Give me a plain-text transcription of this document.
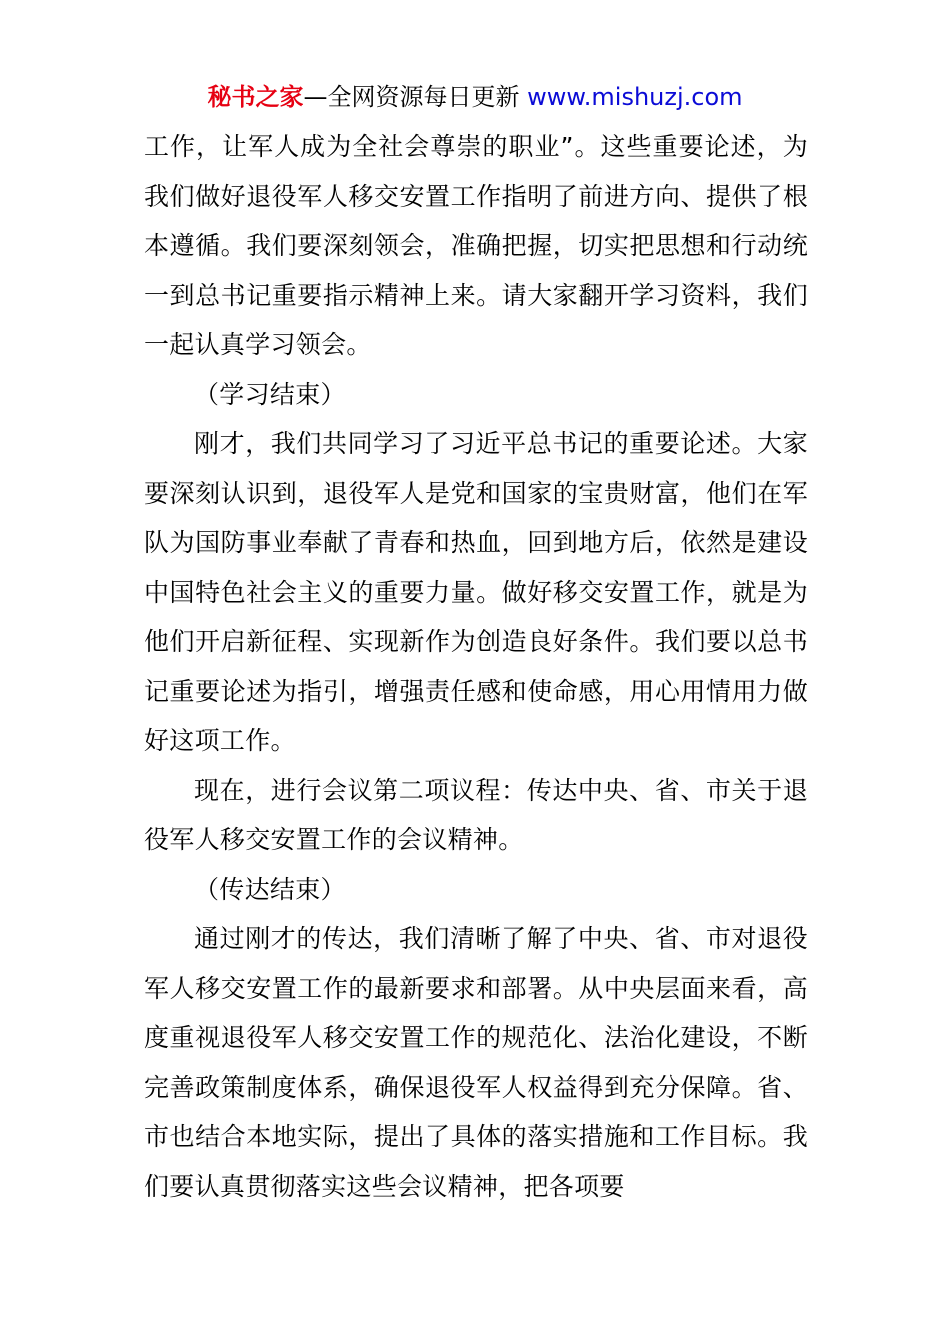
秘书之家—全网资源每日更新 www.mishuzj.com

工作，让军人成为全社会尊崇的职业”。这些重要论述，为我们做好退役军人移交安置工作指明了前进方向、提供了根本遵循。我们要深刻领会，准确把握，切实把思想和行动统一到总书记重要指示精神上来。请大家翻开学习资料，我们一起认真学习领会。

（学习结束）

刚才，我们共同学习了习近平总书记的重要论述。大家要深刻认识到，退役军人是党和国家的宝贵财富，他们在军队为国防事业奉献了青春和热血，回到地方后，依然是建设中国特色社会主义的重要力量。做好移交安置工作，就是为他们开启新征程、实现新作为创造良好条件。我们要以总书记重要论述为指引，增强责任感和使命感，用心用情用力做好这项工作。

现在，进行会议第二项议程：传达中央、省、市关于退役军人移交安置工作的会议精神。

（传达结束）

通过刚才的传达，我们清晰了解了中央、省、市对退役军人移交安置工作的最新要求和部署。从中央层面来看，高度重视退役军人移交安置工作的规范化、法治化建设，不断完善政策制度体系，确保退役军人权益得到充分保障。省、市也结合本地实际，提出了具体的落实措施和工作目标。我们要认真贯彻落实这些会议精神，把各项要
